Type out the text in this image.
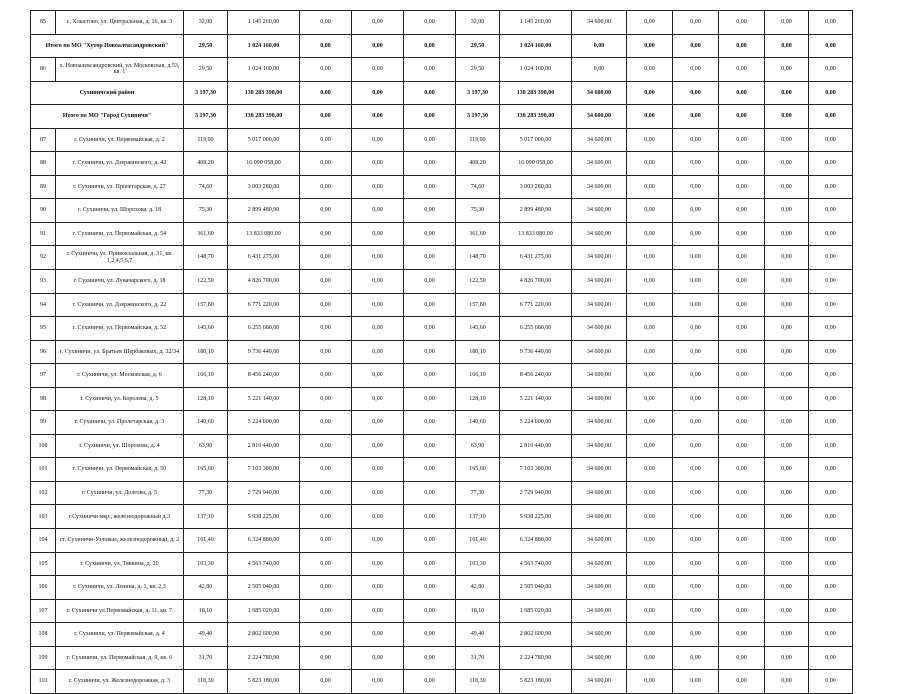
85	с. Хлыстово, ул. Центральная, д. 16, кв. 3	32,00	1 145 260,00	0,00	0,00	0,00	32,00	1 145 260,00	34 600,00	0,00	0,00	0,00	0,00	0,00
Итого по МО "Хутор Новоалександровский"		29,50	1 024 160,00	0,00	0,00	0,00	29,50	1 024 160,00	0,00	0,00	0,00	0,00	0,00	0,00
86	х. Новоалександровский, ул. Московская, д.53, кв. 1	29,50	1 024 160,00	0,00	0,00	0,00	29,50	1 024 160,00	0,00	0,00	0,00	0,00	0,00	0,00
Сухиничский район		3 197,30	138 283 398,00	0,00	0,00	0,00	3 197,30	138 283 398,00	34 600,00	0,00	0,00	0,00	0,00	0,00
Итого по МО "Город Сухиничи"		3 197,30	138 283 398,00	0,00	0,00	0,00	3 197,30	138 283 398,00	34 600,00	0,00	0,00	0,00	0,00	0,00
87	г. Сухиничи, ул. Первомайская, д. 2	119,00	5 017 000,00	0,00	0,00	0,00	119,00	5 017 000,00	34 600,00	0,00	0,00	0,00	0,00	0,00
88	г. Сухиничи, ул. Дзержинского, д. 42	408,20	16 090 058,00	0,00	0,00	0,00	408,20	16 090 058,00	34 600,00	0,00	0,00	0,00	0,00	0,00
89	г. Сухиничи, ул. Пролетарская, д. 27	74,60	3 003 280,00	0,00	0,00	0,00	74,60	3 003 280,00	34 600,00	0,00	0,00	0,00	0,00	0,00
90	г. Сухиничи, ул. Шорохова, д. 18	75,30	2 899 480,00	0,00	0,00	0,00	75,30	2 899 480,00	34 600,00	0,00	0,00	0,00	0,00	0,00
91	г. Сухиничи, ул. Первомайская, д. 54	361,60	13 833 080,00	0,00	0,00	0,00	361,60	13 833 080,00	34 600,00	0,00	0,00	0,00	0,00	0,00
92	г. Сухиничи, ул. Привокзальная, д. 31, кв. 1,2,4,5,6,7	148,70	6 431 275,00	0,00	0,00	0,00	148,70	6 431 275,00	34 600,00	0,00	0,00	0,00	0,00	0,00
93	г. Сухиничи, ул. Луначарского, д. 18	122,50	4 826 700,00	0,00	0,00	0,00	122,50	4 826 700,00	34 600,00	0,00	0,00	0,00	0,00	0,00
94	г. Сухиничи, ул. Дзержинского, д. 22	157,80	6 771 220,00	0,00	0,00	0,00	157,80	6 771 220,00	34 600,00	0,00	0,00	0,00	0,00	0,00
95	г. Сухиничи, ул. Первомайская, д. 52	145,60	6 255 680,00	0,00	0,00	0,00	145,60	6 255 680,00	34 600,00	0,00	0,00	0,00	0,00	0,00
96	г. Сухиничи, ул. Братьев Щербаковых, д. 32/34	180,10	9 736 440,00	0,00	0,00	0,00	180,10	9 736 440,00	34 600,00	0,00	0,00	0,00	0,00	0,00
97	г. Сухиничи, ул. Московская, д. 6	166,10	8 456 240,00	0,00	0,00	0,00	166,10	8 456 240,00	34 600,00	0,00	0,00	0,00	0,00	0,00
98	г. Сухиничи, ул. Королева, д. 5	128,10	5 221 140,00	0,00	0,00	0,00	128,10	5 221 140,00	34 600,00	0,00	0,00	0,00	0,00	0,00
99	г. Сухиничи, ул. Пролетарская, д. 3	140,60	5 224 600,00	0,00	0,00	0,00	140,60	5 224 600,00	34 600,00	0,00	0,00	0,00	0,00	0,00
100	г. Сухиничи, ул. Шорохова, д. 4	63,90	2 816 440,00	0,00	0,00	0,00	63,90	2 816 440,00	34 600,00	0,00	0,00	0,00	0,00	0,00
101	г. Сухиничи, ул. Первомайская, д. 50	165,60	7 103 380,00	0,00	0,00	0,00	165,60	7 103 380,00	34 600,00	0,00	0,00	0,00	0,00	0,00
102	г. Сухиничи, ул. Долгова, д. 5	77,30	2 729 940,00	0,00	0,00	0,00	77,30	2 729 940,00	34 600,00	0,00	0,00	0,00	0,00	0,00
103	г.Сухиничи мкр., железнодорожный д.3	137,10	5 938 225,00	0,00	0,00	0,00	137,10	5 938 225,00	34 600,00	0,00	0,00	0,00	0,00	0,00
104	ст. Сухиничи-Узловые, железнодорожный, д. 2	161,40	6 324 880,00	0,00	0,00	0,00	161,40	6 324 880,00	34 600,00	0,00	0,00	0,00	0,00	0,00
105	г. Сухиничи, ул. Тявкина, д. 20	103,30	4 563 740,00	0,00	0,00	0,00	103,30	4 563 740,00	34 600,00	0,00	0,00	0,00	0,00	0,00
106	г. Сухиничи, ул. Ленина, д. 1, кв. 2,3	42,80	2 505 040,00	0,00	0,00	0,00	42,80	2 505 040,00	34 600,00	0,00	0,00	0,00	0,00	0,00
107	г. Сухиничи ул.Первомайская, д. 11, кв. 7	18,10	1 685 020,00	0,00	0,00	0,00	18,10	1 685 020,00	34 600,00	0,00	0,00	0,00	0,00	0,00
108	г. Сухиничи, ул. Первомайская, д. 4	49,40	2 802 600,00	0,00	0,00	0,00	49,40	2 802 600,00	34 600,00	0,00	0,00	0,00	0,00	0,00
109	г. Сухиничи, ул. Первомайская, д. 9, кв. 6	31,70	2 224 780,00	0,00	0,00	0,00	31,70	2 224 780,00	34 600,00	0,00	0,00	0,00	0,00	0,00
110	г. Сухиничи, ул. Железнодорожная, д. 3	118,30	5 823 180,00	0,00	0,00	0,00	118,30	5 823 180,00	34 600,00	0,00	0,00	0,00	0,00	0,00
